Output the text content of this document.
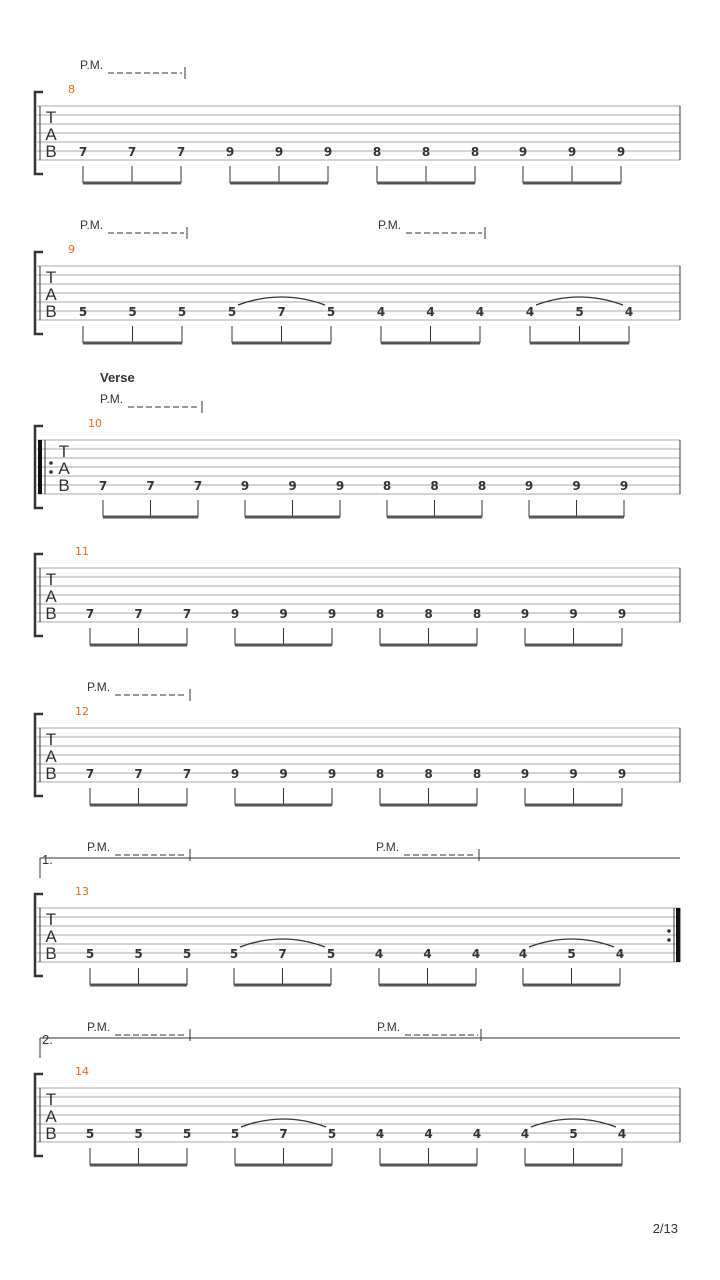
T
A
B
8
P.M.
7	7	7	9	9	9	8	8	8	9	9	9
T
A
B
9
P.M.	P.M.
5	5	5	5	7	5	4	4	4	4	5	4
T
A
B
10
Verse
P.M.
7	7	7	9	9	9	8	8	8	9	9	9
T
A
B
11
7	7	7	9	9	9	8	8	8	9	9	9
T
A
B
12
P.M.
7	7	7	9	9	9	8	8	8	9	9	9
T
A
B
13
1.
P.M.	P.M.
5	5	5	5	7	5	4	4	4	4	5	4
T
A
B
14
2.
P.M.	P.M.
5	5	5	5	7	5	4	4	4	4	5	4
2/13
